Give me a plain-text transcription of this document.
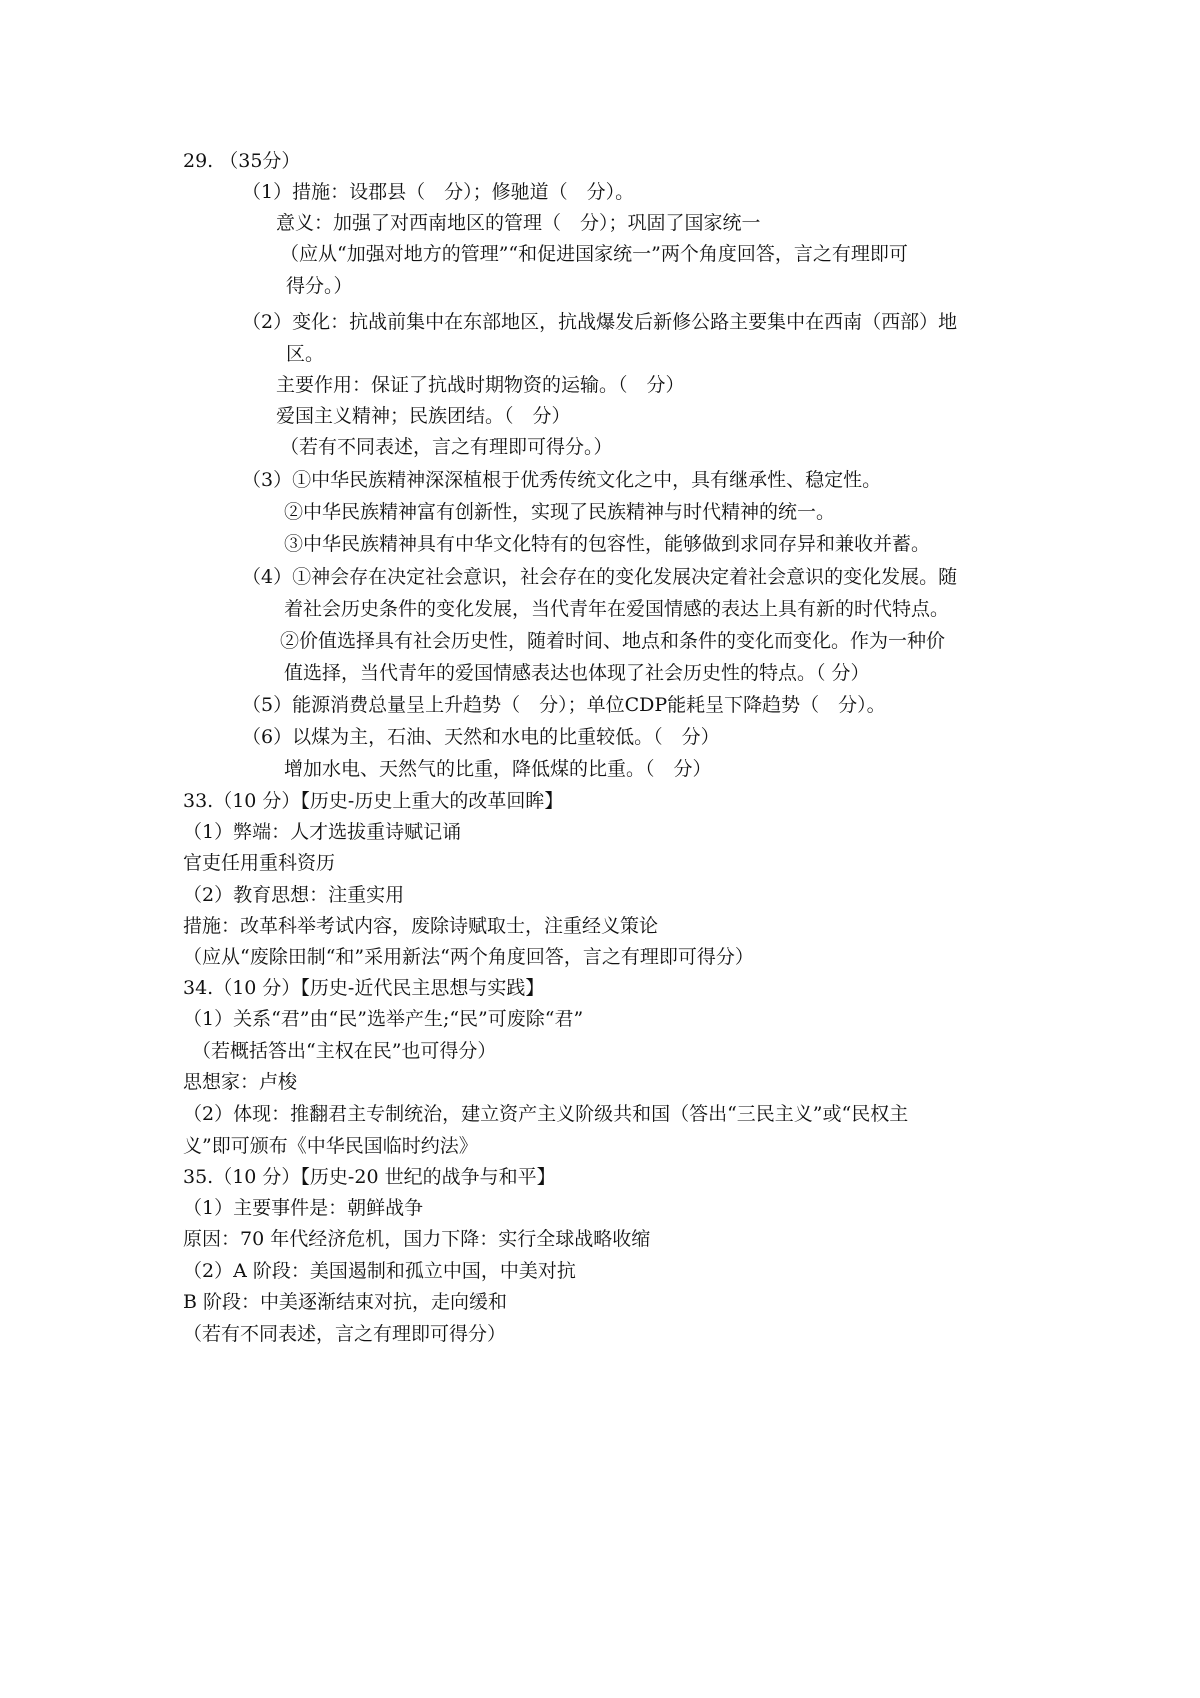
29. （35分）
（1）措施：设郡县（　分）；修驰道（　分）。
意义：加强了对西南地区的管理（　分）；巩固了国家统一
（应从“加强对地方的管理”“和促进国家统一”两个角度回答，言之有理即可
得分。）
（2）变化：抗战前集中在东部地区，抗战爆发后新修公路主要集中在西南（西部）地
区。
主要作用：保证了抗战时期物资的运输。（　分）
爱国主义精神；民族团结。（　分）
（若有不同表述，言之有理即可得分。）
（3）①中华民族精神深深植根于优秀传统文化之中，具有继承性、稳定性。
②中华民族精神富有创新性，实现了民族精神与时代精神的统一。
③中华民族精神具有中华文化特有的包容性，能够做到求同存异和兼收并蓄。
（4）①神会存在决定社会意识，社会存在的变化发展决定着社会意识的变化发展。随
着社会历史条件的变化发展，当代青年在爱国情感的表达上具有新的时代特点。
②价值选择具有社会历史性，随着时间、地点和条件的变化而变化。作为一种价
值选择，当代青年的爱国情感表达也体现了社会历史性的特点。（ 分）
（5）能源消费总量呈上升趋势（　分）；单位CDP能耗呈下降趋势（　分）。
（6）以煤为主，石油、天然和水电的比重较低。（　分）
增加水电、天然气的比重，降低煤的比重。（　分）
33.（10 分）【历史-历史上重大的改革回眸】
（1）弊端：人才选拔重诗赋记诵
官吏任用重科资历
（2）教育思想：注重实用
措施：改革科举考试内容，废除诗赋取士，注重经义策论
（应从“废除田制“和”采用新法“两个角度回答，言之有理即可得分）
34.（10 分）【历史-近代民主思想与实践】
（1）关系“君”由“民”选举产生;“民”可废除“君”
（若概括答出“主权在民”也可得分）
思想家：卢梭
（2）体现：推翻君主专制统治，建立资产主义阶级共和国（答出“三民主义”或“民权主
义”即可颁布《中华民国临时约法》
35.（10 分）【历史-20 世纪的战争与和平】
（1）主要事件是：朝鲜战争
原因：70 年代经济危机，国力下降：实行全球战略收缩
（2）A 阶段：美国遏制和孤立中国，中美对抗
B 阶段：中美逐渐结束对抗，走向缓和
（若有不同表述，言之有理即可得分）
